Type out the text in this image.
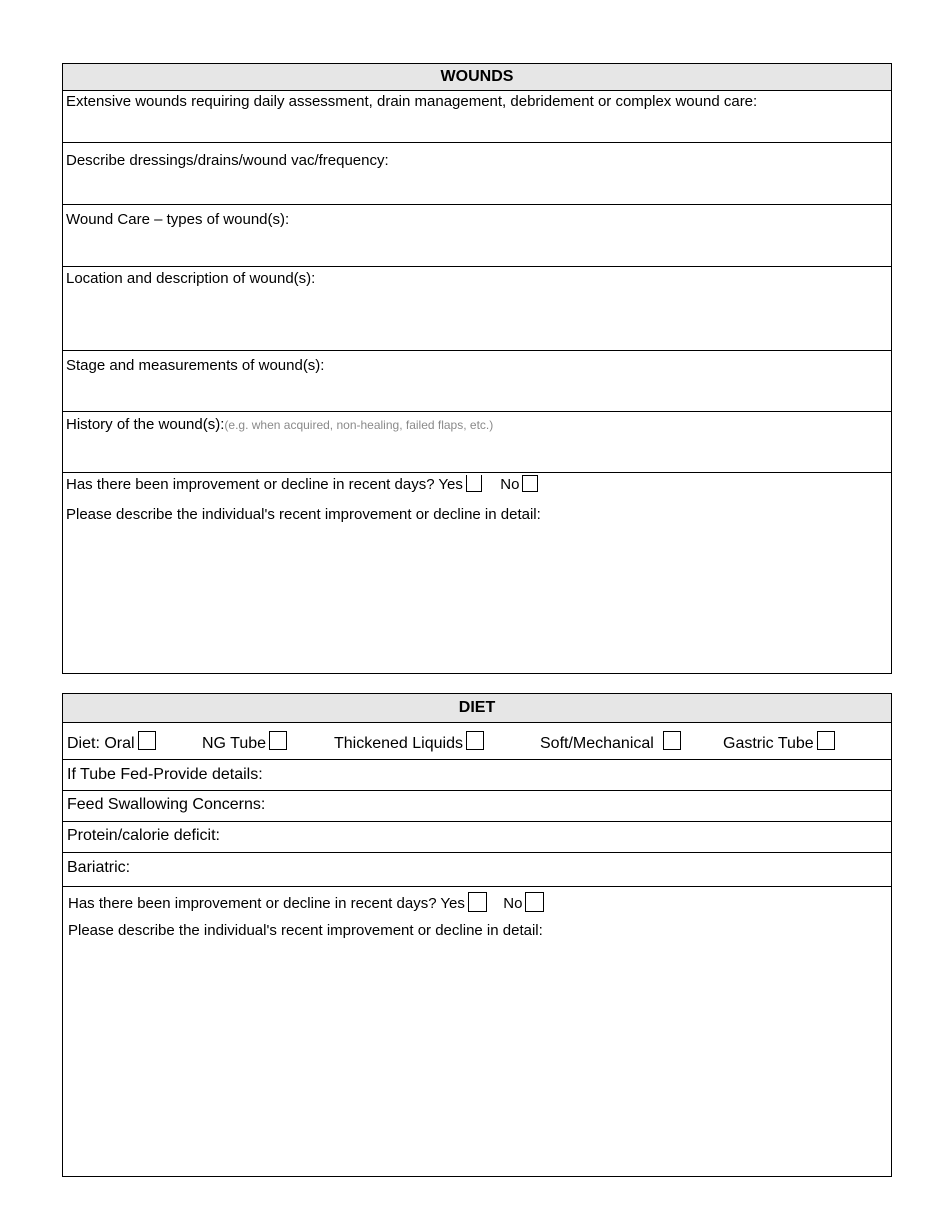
WOUNDS
Extensive wounds requiring daily assessment, drain management, debridement or complex wound care:
Describe dressings/drains/wound vac/frequency:
Wound Care – types of wound(s):
Location and description of wound(s):
Stage and measurements of wound(s):
History of the wound(s):(e.g. when acquired, non-healing, failed flaps, etc.)
Has there been improvement or decline in recent days? Yes No
Please describe the individual's recent improvement or decline in detail:
DIET
Diet: Oral	NG Tube	Thickened Liquids	Soft/Mechanical	Gastric Tube
If Tube Fed-Provide details:
Feed Swallowing Concerns:
Protein/calorie deficit:
Bariatric:
Has there been improvement or decline in recent days? Yes	No
Please describe the individual's recent improvement or decline in detail:
